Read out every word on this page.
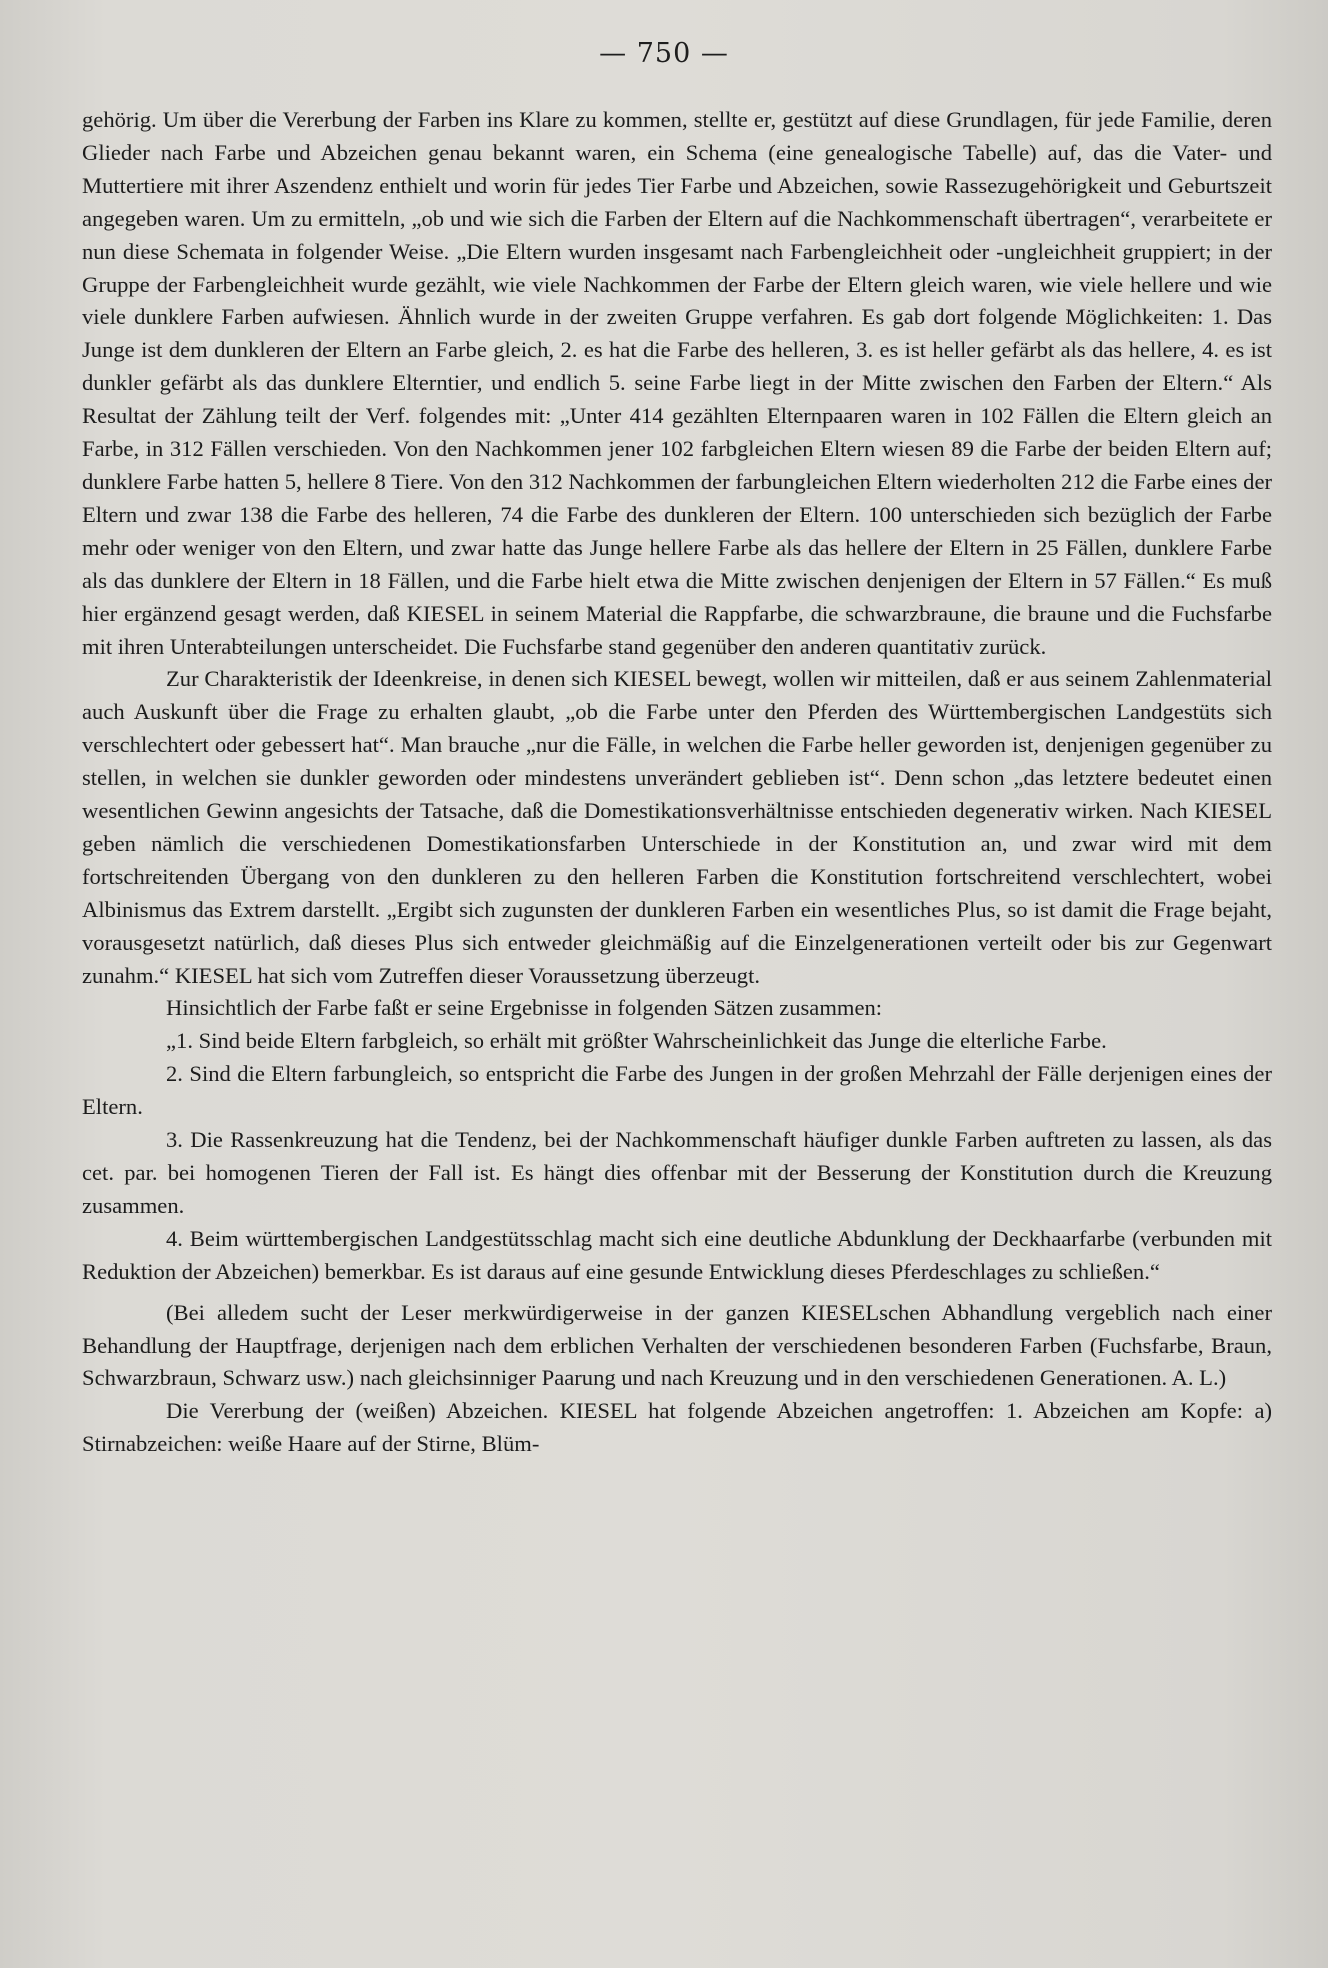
— 750 —

gehörig. Um über die Vererbung der Farben ins Klare zu kommen, stellte er, gestützt auf diese Grundlagen, für jede Familie, deren Glieder nach Farbe und Abzeichen genau bekannt waren, ein Schema (eine genealogische Tabelle) auf, das die Vater- und Muttertiere mit ihrer Aszendenz enthielt und worin für jedes Tier Farbe und Abzeichen, sowie Rassezugehörigkeit und Geburtszeit angegeben waren. Um zu ermitteln, „ob und wie sich die Farben der Eltern auf die Nachkommenschaft übertragen“, verarbeitete er nun diese Schemata in folgender Weise. „Die Eltern wurden insgesamt nach Farbengleichheit oder -ungleichheit gruppiert; in der Gruppe der Farbengleichheit wurde gezählt, wie viele Nachkommen der Farbe der Eltern gleich waren, wie viele hellere und wie viele dunklere Farben aufwiesen. Ähnlich wurde in der zweiten Gruppe verfahren. Es gab dort folgende Möglichkeiten: 1. Das Junge ist dem dunkleren der Eltern an Farbe gleich, 2. es hat die Farbe des helleren, 3. es ist heller gefärbt als das hellere, 4. es ist dunkler gefärbt als das dunklere Elterntier, und endlich 5. seine Farbe liegt in der Mitte zwischen den Farben der Eltern.“ Als Resultat der Zählung teilt der Verf. folgendes mit: „Unter 414 gezählten Elternpaaren waren in 102 Fällen die Eltern gleich an Farbe, in 312 Fällen verschieden. Von den Nachkommen jener 102 farbgleichen Eltern wiesen 89 die Farbe der beiden Eltern auf; dunklere Farbe hatten 5, hellere 8 Tiere. Von den 312 Nachkommen der farbungleichen Eltern wiederholten 212 die Farbe eines der Eltern und zwar 138 die Farbe des helleren, 74 die Farbe des dunkleren der Eltern. 100 unterschieden sich bezüglich der Farbe mehr oder weniger von den Eltern, und zwar hatte das Junge hellere Farbe als das hellere der Eltern in 25 Fällen, dunklere Farbe als das dunklere der Eltern in 18 Fällen, und die Farbe hielt etwa die Mitte zwischen denjenigen der Eltern in 57 Fällen.“ Es muß hier ergänzend gesagt werden, daß KIESEL in seinem Material die Rappfarbe, die schwarzbraune, die braune und die Fuchsfarbe mit ihren Unterabteilungen unterscheidet. Die Fuchsfarbe stand gegenüber den anderen quantitativ zurück.

Zur Charakteristik der Ideenkreise, in denen sich KIESEL bewegt, wollen wir mitteilen, daß er aus seinem Zahlenmaterial auch Auskunft über die Frage zu erhalten glaubt, „ob die Farbe unter den Pferden des Württembergischen Landgestüts sich verschlechtert oder gebessert hat“. Man brauche „nur die Fälle, in welchen die Farbe heller geworden ist, denjenigen gegenüber zu stellen, in welchen sie dunkler geworden oder mindestens unverändert geblieben ist“. Denn schon „das letztere bedeutet einen wesentlichen Gewinn angesichts der Tatsache, daß die Domestikationsverhältnisse entschieden degenerativ wirken. Nach KIESEL geben nämlich die verschiedenen Domestikationsfarben Unterschiede in der Konstitution an, und zwar wird mit dem fortschreitenden Übergang von den dunkleren zu den helleren Farben die Konstitution fortschreitend verschlechtert, wobei Albinismus das Extrem darstellt. „Ergibt sich zugunsten der dunkleren Farben ein wesentliches Plus, so ist damit die Frage bejaht, vorausgesetzt natürlich, daß dieses Plus sich entweder gleichmäßig auf die Einzelgenerationen verteilt oder bis zur Gegenwart zunahm.“ KIESEL hat sich vom Zutreffen dieser Voraussetzung überzeugt.

Hinsichtlich der Farbe faßt er seine Ergebnisse in folgenden Sätzen zusammen:

„1. Sind beide Eltern farbgleich, so erhält mit größter Wahrscheinlichkeit das Junge die elterliche Farbe.

2. Sind die Eltern farbungleich, so entspricht die Farbe des Jungen in der großen Mehrzahl der Fälle derjenigen eines der Eltern.

3. Die Rassenkreuzung hat die Tendenz, bei der Nachkommenschaft häufiger dunkle Farben auftreten zu lassen, als das cet. par. bei homogenen Tieren der Fall ist. Es hängt dies offenbar mit der Besserung der Konstitution durch die Kreuzung zusammen.

4. Beim württembergischen Landgestütsschlag macht sich eine deutliche Abdunklung der Deckhaarfarbe (verbunden mit Reduktion der Abzeichen) bemerkbar. Es ist daraus auf eine gesunde Entwicklung dieses Pferdeschlages zu schließen.“

(Bei alledem sucht der Leser merkwürdigerweise in der ganzen KIESELschen Abhandlung vergeblich nach einer Behandlung der Hauptfrage, derjenigen nach dem erblichen Verhalten der verschiedenen besonderen Farben (Fuchsfarbe, Braun, Schwarzbraun, Schwarz usw.) nach gleichsinniger Paarung und nach Kreuzung und in den verschiedenen Generationen. A. L.)

Die Vererbung der (weißen) Abzeichen. KIESEL hat folgende Abzeichen angetroffen: 1. Abzeichen am Kopfe: a) Stirnabzeichen: weiße Haare auf der Stirne, Blüm-
